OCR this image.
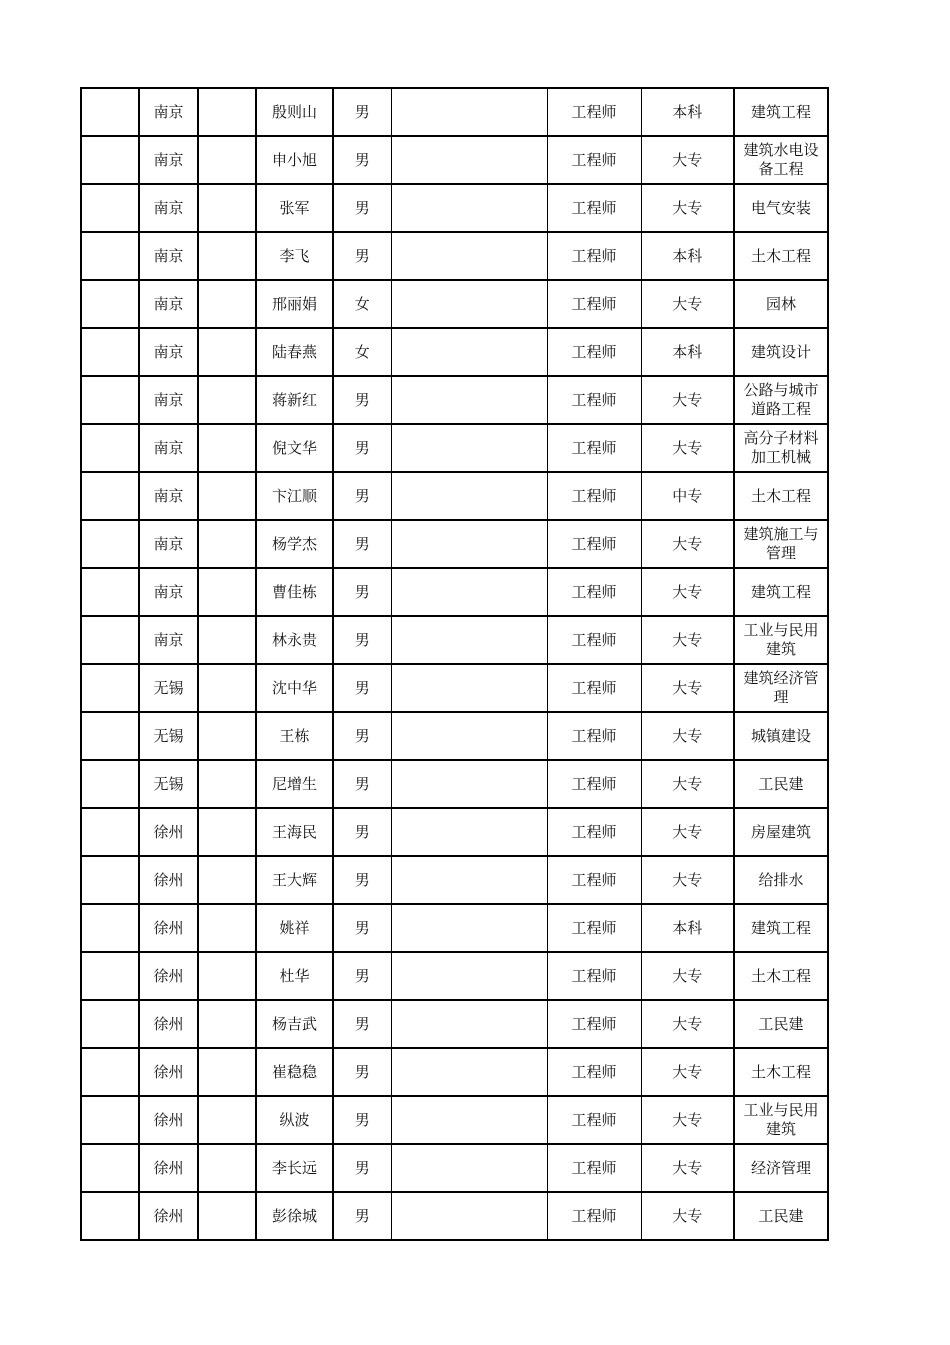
	南京		殷则山	男		工程师	本科	建筑工程
	南京		申小旭	男		工程师	大专	建筑水电设备工程
	南京		张军	男		工程师	大专	电气安装
	南京		李飞	男		工程师	本科	土木工程
	南京		邢丽娟	女		工程师	大专	园林
	南京		陆春燕	女		工程师	本科	建筑设计
	南京		蒋新红	男		工程师	大专	公路与城市道路工程
	南京		倪文华	男		工程师	大专	高分子材料加工机械
	南京		卞江顺	男		工程师	中专	土木工程
	南京		杨学杰	男		工程师	大专	建筑施工与管理
	南京		曹佳栋	男		工程师	大专	建筑工程
	南京		林永贵	男		工程师	大专	工业与民用建筑
	无锡		沈中华	男		工程师	大专	建筑经济管理
	无锡		王栋	男		工程师	大专	城镇建设
	无锡		尼增生	男		工程师	大专	工民建
	徐州		王海民	男		工程师	大专	房屋建筑
	徐州		王大辉	男		工程师	大专	给排水
	徐州		姚祥	男		工程师	本科	建筑工程
	徐州		杜华	男		工程师	大专	土木工程
	徐州		杨吉武	男		工程师	大专	工民建
	徐州		崔稳稳	男		工程师	大专	土木工程
	徐州		纵波	男		工程师	大专	工业与民用建筑
	徐州		李长远	男		工程师	大专	经济管理
	徐州		彭徐城	男		工程师	大专	工民建
